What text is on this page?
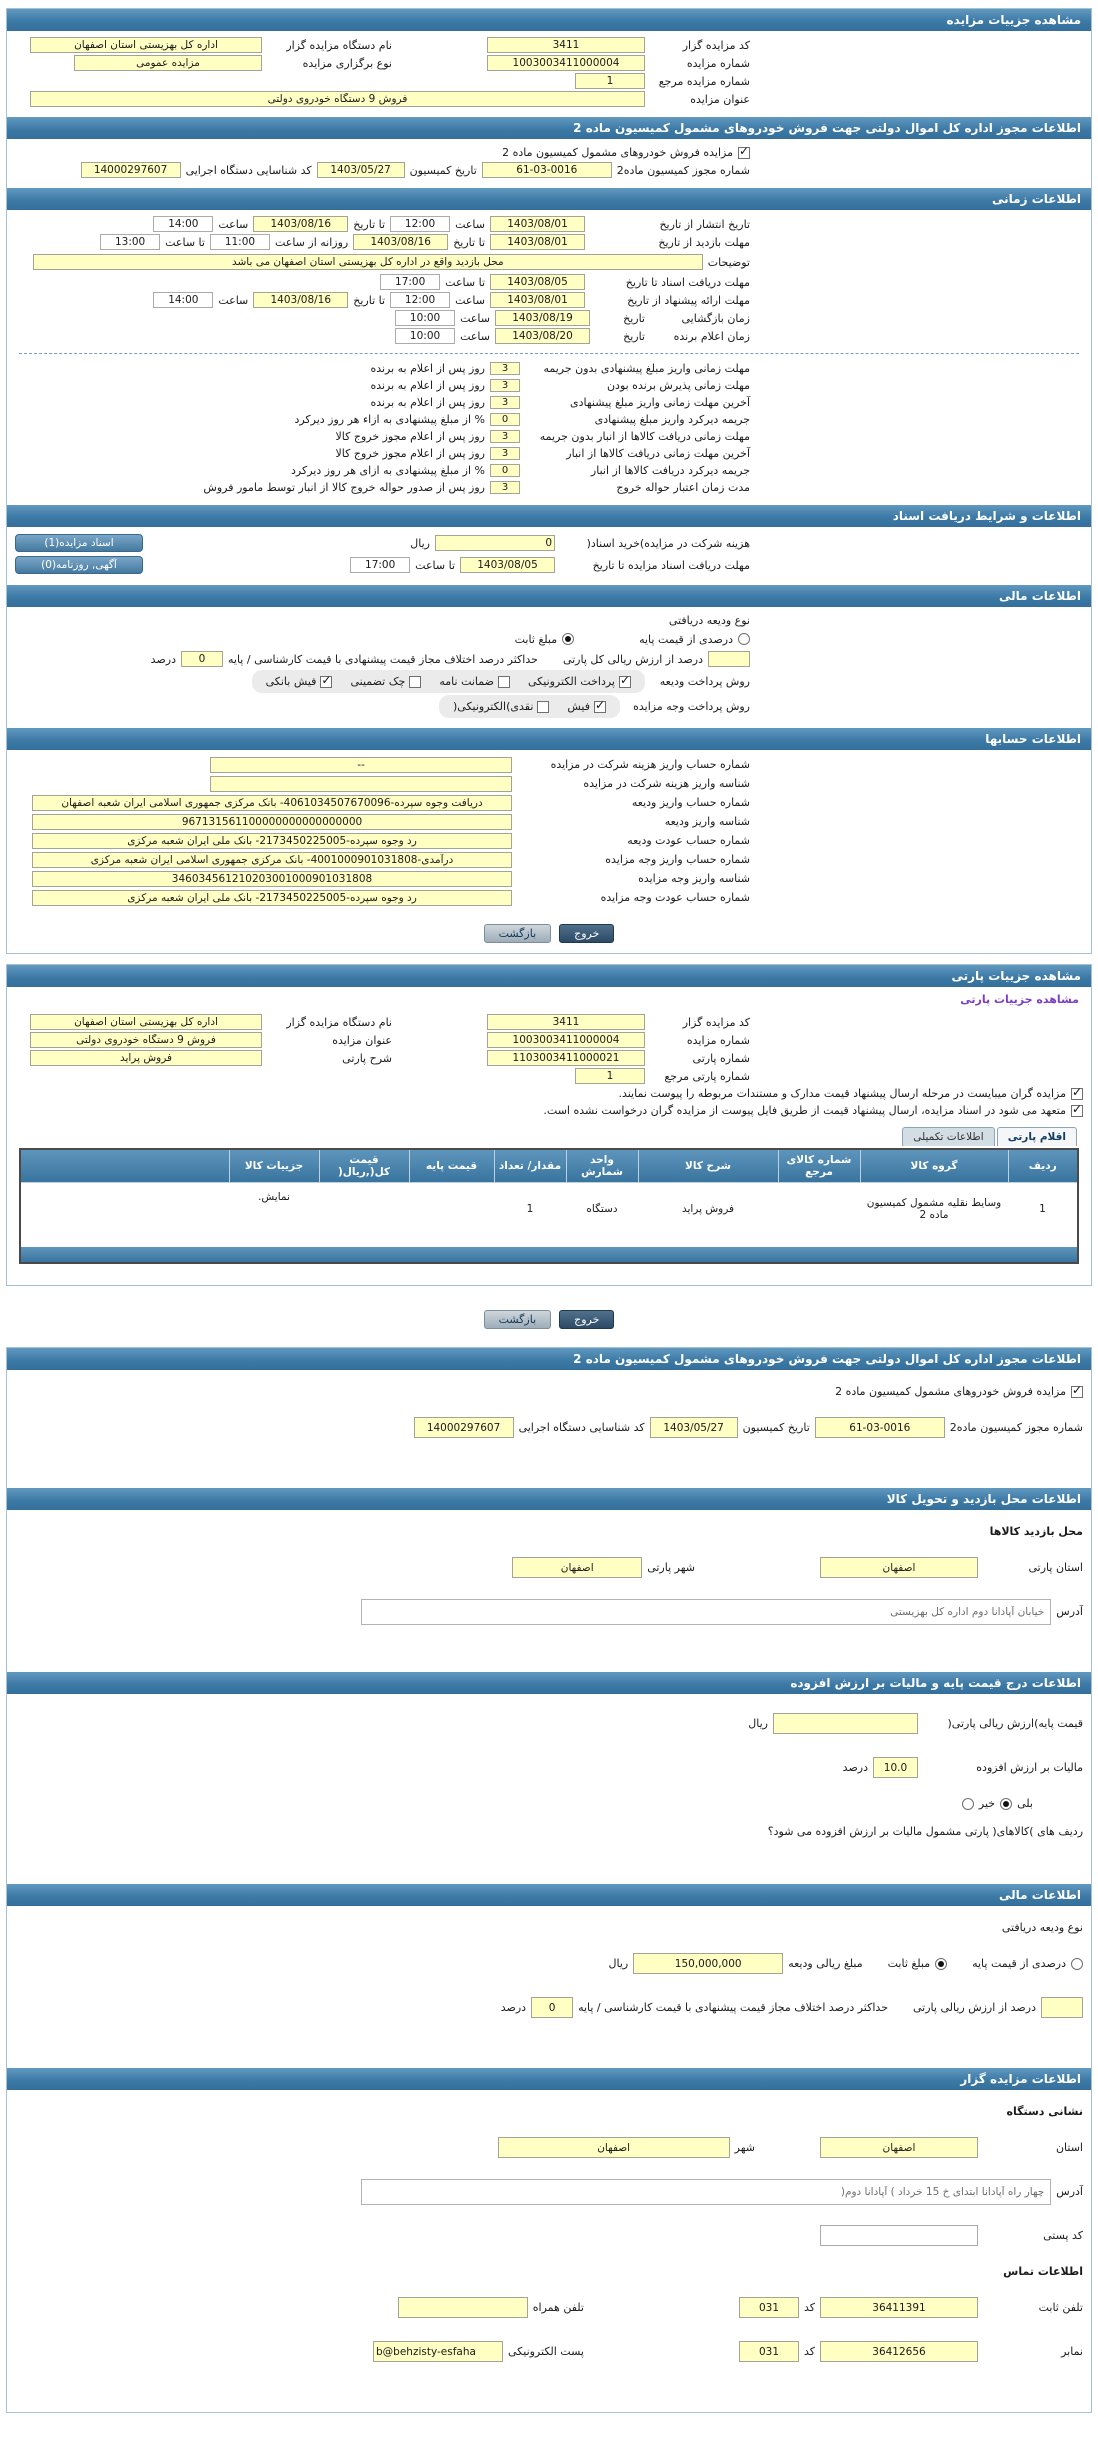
مشاهده جزییات مزایده
کد مزایده گزار
3411
نام دستگاه مزایده گزار
اداره کل بهزیستی استان اصفهان
شماره مزایده
1003003411000004
نوع برگزاری مزایده
مزایده عمومی
شماره مزایده مرجع
1
عنوان مزایده
فروش 9 دستگاه خودروی دولتی
اطلاعات مجوز اداره کل اموال دولتی جهت فروش خودروهای مشمول کمیسیون ماده 2
✓
مزایده فروش خودروهای مشمول کمیسیون ماده 2
شماره مجوز کمیسیون ماده2
61-03-0016
تاریخ کمیسیون
1403/05/27
کد شناسایی دستگاه اجرایی
14000297607
اطلاعات زمانی
تاریخ انتشار از تاریخ
1403/08/01
ساعت
12:00
تا تاریخ
1403/08/16
ساعت
14:00
مهلت بازدید از تاریخ
1403/08/01
تا تاریخ
1403/08/16
روزانه از ساعت
11:00
تا ساعت
13:00
توضیحات
محل بازدید واقع در اداره کل بهزیستی استان اصفهان می باشد
مهلت دریافت اسناد تا تاریخ
1403/08/05
تا ساعت
17:00
مهلت ارائه پیشنهاد از تاریخ
1403/08/01
ساعت
12:00
تا تاریخ
1403/08/16
ساعت
14:00
زمان بازگشایی
تاریخ
1403/08/19
ساعت
10:00
زمان اعلام برنده
تاریخ
1403/08/20
ساعت
10:00
مهلت زمانی واریز مبلغ پیشنهادی بدون جریمه
3
روز پس از اعلام به برنده
مهلت زمانی پذیرش برنده بودن
3
روز پس از اعلام به برنده
آخرین مهلت زمانی واریز مبلغ پیشنهادی
3
روز پس از اعلام به برنده
جریمه دیرکرد واریز مبلغ پیشنهادی
0
% از مبلغ پیشنهادی به ازاء هر روز دیرکرد
مهلت زمانی دریافت کالاها از انبار بدون جریمه
3
روز پس از اعلام مجوز خروج کالا
آخرین مهلت زمانی دریافت کالاها از انبار
3
روز پس از اعلام مجوز خروج کالا
جریمه دیرکرد دریافت کالاها از انبار
0
% از مبلغ پیشنهادی به ازای هر روز دیرکرد
مدت زمان اعتبار حواله خروج
3
روز پس از صدور حواله خروج کالا از انبار توسط مامور فروش
اطلاعات و شرایط دریافت اسناد
هزینه شرکت در مزایده)خرید اسناد(
0
ریال
اسناد مزایده(1)
مهلت دریافت اسناد مزایده تا تاریخ
1403/08/05
تا ساعت
17:00
آگهی, روزنامه(0)
اطلاعات مالی
نوع ودیعه دریافتی
درصدی از قیمت پایه
مبلغ ثابت
درصد از ارزش ریالی کل پارتی
حداکثر درصد اختلاف مجاز قیمت پیشنهادی با قیمت کارشناسی / پایه
0
درصد
روش پرداخت ودیعه
✓
پرداخت الکترونیکی
ضمانت نامه
چک تضمینی
✓
فیش بانکی
روش پرداخت وجه مزایده
✓
فیش
نقدی)الکترونیکی(
اطلاعات حسابها
شماره حساب واریز هزینه شرکت در مزایده
--
شناسه واریز هزینه شرکت در مزایده
شماره حساب واریز ودیعه
دریافت وجوه سپرده-4061034507670096- بانک مرکزی جمهوری اسلامی ایران شعبه اصفهان
شناسه واریز ودیعه
967131561100000000000000000
شماره حساب عودت ودیعه
رد وجوه سپرده-2173450225005- بانک ملی ایران شعبه مرکزی
شماره حساب واریز وجه مزایده
درآمدی-4001000901031808- بانک مرکزی جمهوری اسلامی ایران شعبه مرکزی
شناسه واریز وجه مزایده
346034561210203001000901031808
شماره حساب عودت وجه مزایده
رد وجوه سپرده-2173450225005- بانک ملی ایران شعبه مرکزی
خروج
بازگشت
مشاهده جزییات پارتی
مشاهده جزییات پارتی
کد مزایده گزار
3411
نام دستگاه مزایده گزار
اداره کل بهزیستی استان اصفهان
شماره مزایده
1003003411000004
عنوان مزایده
فروش 9 دستگاه خودروی دولتی
شماره پارتی
1103003411000021
شرح پارتی
فروش پراید
شماره پارتی مرجع
1
✓
مزایده گران میبایست در مرحله ارسال پیشنهاد قیمت مدارک و مستندات مربوطه را پیوست نمایند.
✓
متعهد می شود در اسناد مزایده، ارسال پیشنهاد قیمت از طریق فایل پیوست از مزایده گران درخواست نشده است.
اقلام پارتی
اطلاعات تکمیلی
ردیف	گروه کالا	شماره کالای مرجع	شرح کالا	واحد شمارش	مقدار/ تعداد	قیمت پایه	قیمت کل(,ریال(	جزییات کالا	
1	وسایط نقلیه مشمول کمیسیون ماده 2		فروش پراید	دستگاه	1			نمایش.	

خروج
بازگشت
اطلاعات مجوز اداره کل اموال دولتی جهت فروش خودروهای مشمول کمیسیون ماده 2
✓
مزایده فروش خودروهای مشمول کمیسیون ماده 2
شماره مجوز کمیسیون ماده2
61-03-0016
تاریخ کمیسیون
1403/05/27
کد شناسایی دستگاه اجرایی
14000297607
اطلاعات محل بازدید و تحویل کالا
محل بازدید کالاها
استان پارتی
اصفهان
شهر پارتی
اصفهان
آدرس
خیابان آپادانا دوم اداره کل بهزیستی
اطلاعات درج قیمت پایه و مالیات بر ارزش افزوده
قیمت پایه)ارزش ریالی پارتی(
ریال
مالیات بر ارزش افزوده
10.0
درصد
بلی
خیر
ردیف های )کالاهای( پارتی مشمول مالیات بر ارزش افزوده می شود؟
اطلاعات مالی
نوع ودیعه دریافتی
درصدی از قیمت پایه
مبلغ ثابت
مبلغ ریالی ودیعه
150,000,000
ریال
درصد از ارزش ریالی پارتی
حداکثر درصد اختلاف مجاز قیمت پیشنهادی با قیمت کارشناسی / پایه
0
درصد
اطلاعات مزایده گزار
نشانی دستگاه
استان
اصفهان
شهر
اصفهان
آدرس
چهار راه آپادانا ابتدای خ 15 خرداد ) آپادانا دوم(
کد پستی
اطلاعات تماس
تلفن ثابت
36411391
کد
031
تلفن همراه
نمابر
36412656
کد
031
پست الکترونیکی
b@behzisty-esfaha
